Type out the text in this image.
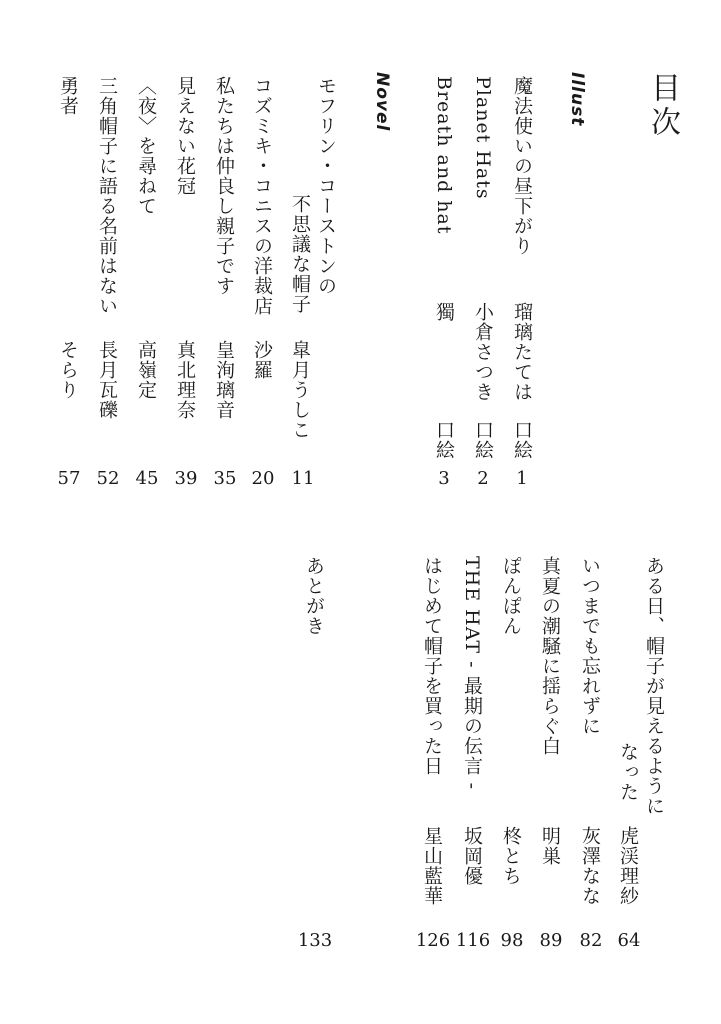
目次
Illust
魔法使いの昼下がり
瑠璃たては
口絵
1
Planet Hats
小倉さつき
口絵
2
Breath and hat
獨
口絵
3
Novel
モフリン・コーストンの
不思議な帽子
皐月うしこ
11
コズミキ・コニスの洋裁店
沙羅
20
私たちは仲良し親子です
皇洵璃音
35
見えない花冠
真北理奈
39
〈夜〉を尋ねて
高嶺定
45
三角帽子に語る名前はない
長月瓦礫
52
勇者
そらり
57
ある日、帽子が見えるように
なった
虎渓理紗
64
いつまでも忘れずに
灰澤なな
82
真夏の潮騒に揺らぐ白
明巣
89
ぽんぽん
柊とち
98
THE HAT - 最期の伝言 -
坂岡優
116
はじめて帽子を買った日
星山藍華
126
あとがき
133
